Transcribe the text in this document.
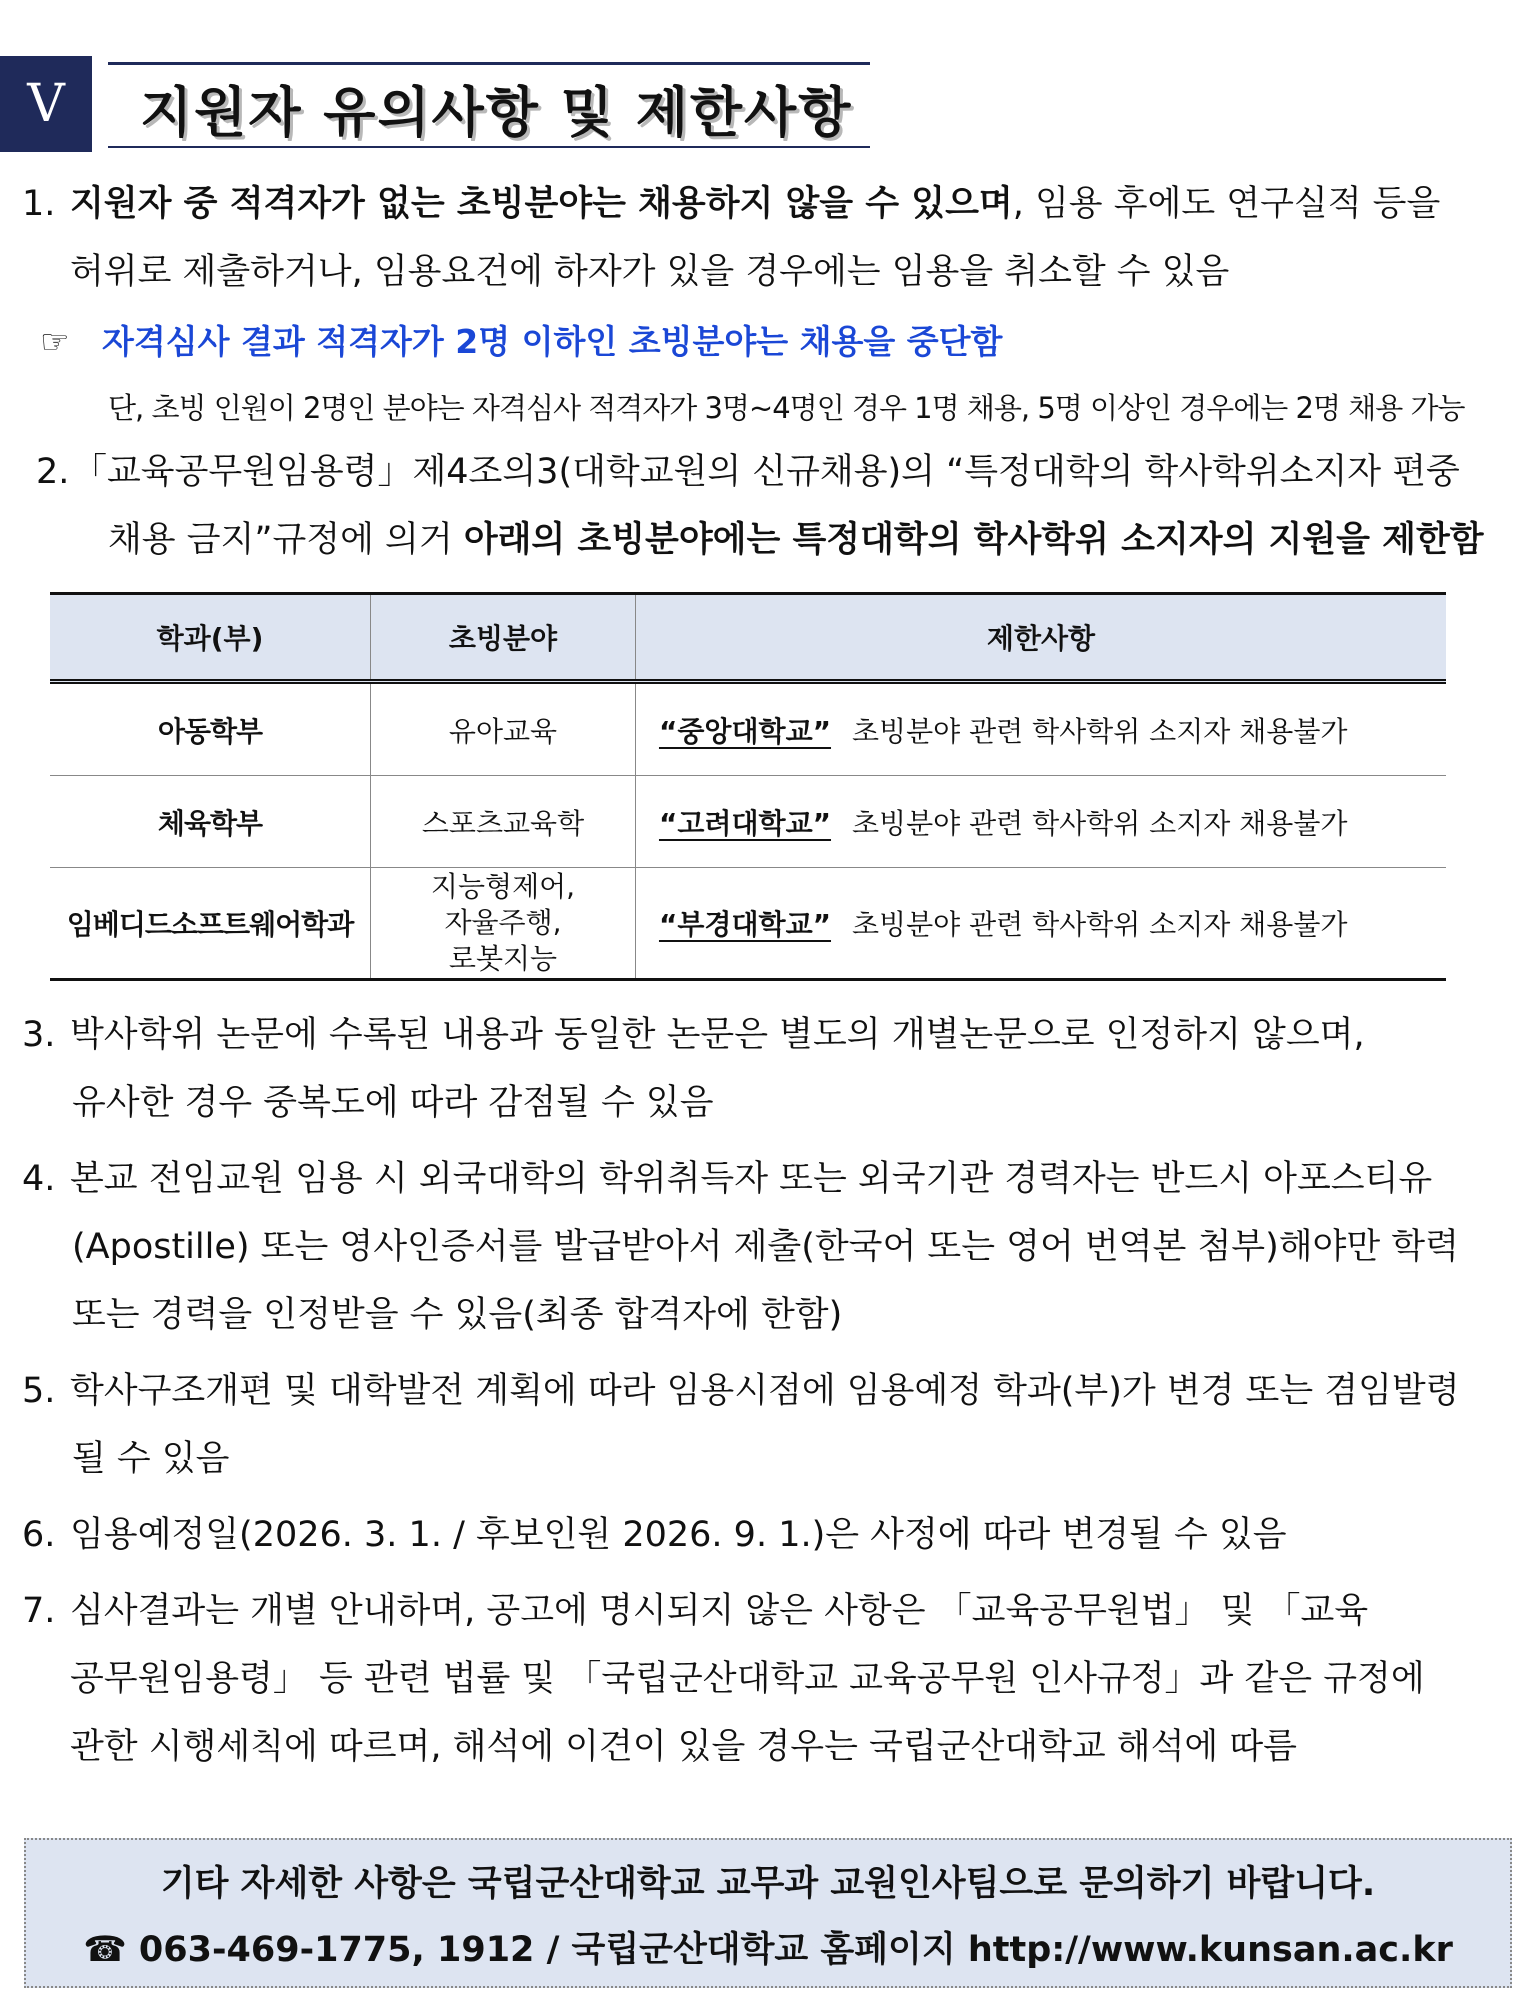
V	지원자 유의사항 및 제한사항
1. 지원자 중 적격자가 없는 초빙분야는 채용하지 않을 수 있으며, 임용 후에도 연구실적 등을
허위로 제출하거나, 임용요건에 하자가 있을 경우에는 임용을 취소할 수 있음
☞ 자격심사 결과 적격자가 2명 이하인 초빙분야는 채용을 중단함
단, 초빙 인원이 2명인 분야는 자격심사 적격자가 3명~4명인 경우 1명 채용, 5명 이상인 경우에는 2명 채용 가능
2. 「교육공무원임용령」제4조의3(대학교원의 신규채용)의 “특정대학의 학사학위소지자 편중
채용 금지”규정에 의거 아래의 초빙분야에는 특정대학의 학사학위 소지자의 지원을 제한함
학과(부)	초빙분야	제한사항
아동학부	유아교육	“중앙대학교” 초빙분야 관련 학사학위 소지자 채용불가
체육학부	스포츠교육학	“고려대학교” 초빙분야 관련 학사학위 소지자 채용불가
임베디드소프트웨어학과	지능형제어,
자율주행,
로봇지능	“부경대학교” 초빙분야 관련 학사학위 소지자 채용불가
3. 박사학위 논문에 수록된 내용과 동일한 논문은 별도의 개별논문으로 인정하지 않으며,
유사한 경우 중복도에 따라 감점될 수 있음
4. 본교 전임교원 임용 시 외국대학의 학위취득자 또는 외국기관 경력자는 반드시 아포스티유
(Apostille) 또는 영사인증서를 발급받아서 제출(한국어 또는 영어 번역본 첨부)해야만 학력
또는 경력을 인정받을 수 있음(최종 합격자에 한함)
5. 학사구조개편 및 대학발전 계획에 따라 임용시점에 임용예정 학과(부)가 변경 또는 겸임발령
될 수 있음
6. 임용예정일(2026. 3. 1. / 후보인원 2026. 9. 1.)은 사정에 따라 변경될 수 있음
7. 심사결과는 개별 안내하며, 공고에 명시되지 않은 사항은 「교육공무원법」 및 「교육
공무원임용령」 등 관련 법률 및 「국립군산대학교 교육공무원 인사규정」과 같은 규정에
관한 시행세칙에 따르며, 해석에 이견이 있을 경우는 국립군산대학교 해석에 따름
기타 자세한 사항은 국립군산대학교 교무과 교원인사팀으로 문의하기 바랍니다.
☎ 063-469-1775, 1912 / 국립군산대학교 홈페이지 http://www.kunsan.ac.kr
